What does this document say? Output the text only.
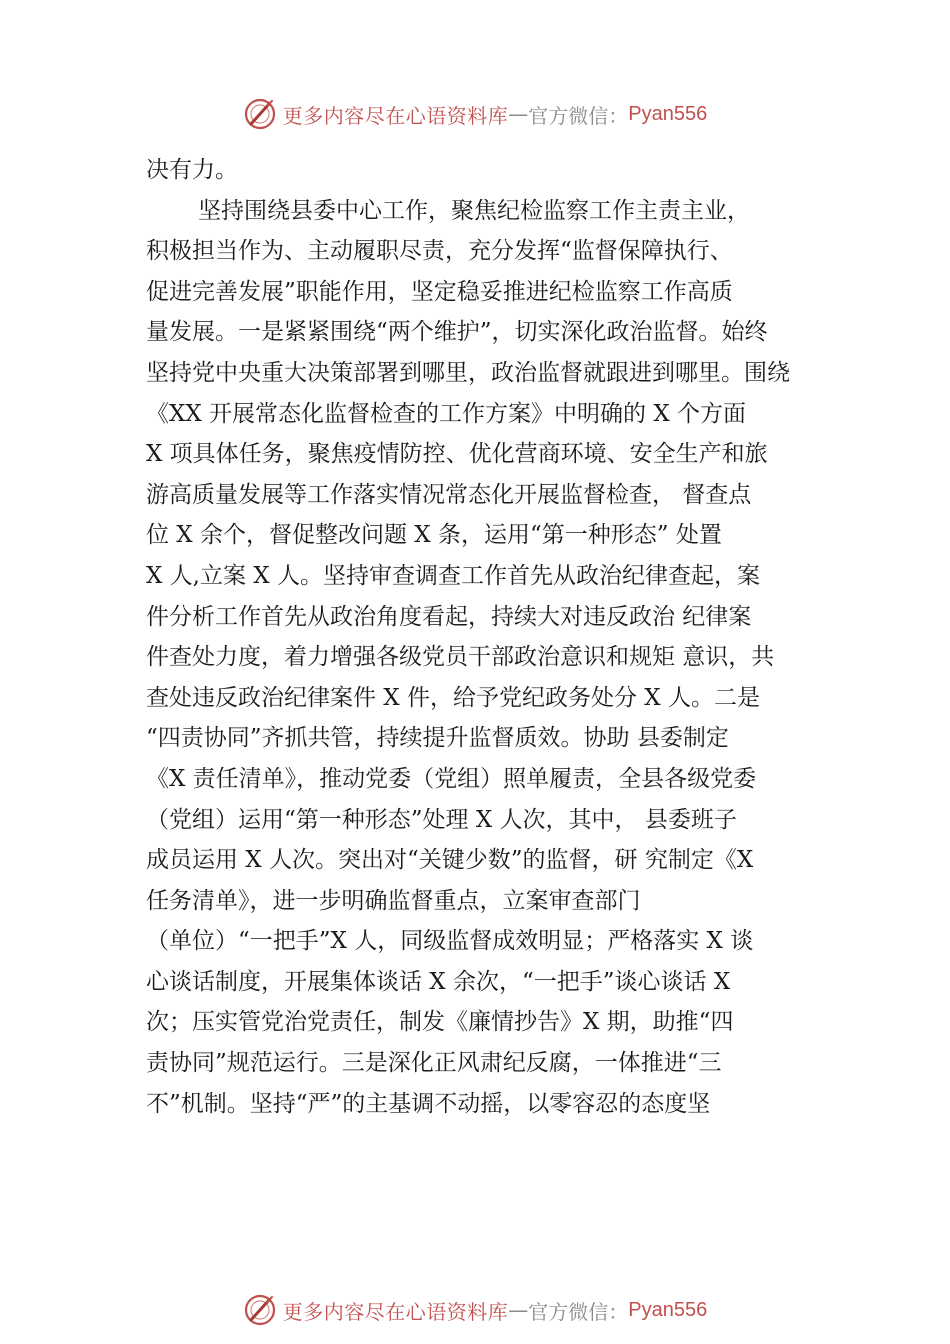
更多内容尽在心语资料库 — 官方微信： Pyan556
决有力。
坚持围绕县委中心工作，聚焦纪检监察工作主责主业，
积极担当作为、主动履职尽责，充分发挥“监督保障执行、
促进完善发展”职能作用，坚定稳妥推进纪检监察工作高质
量发展。一是紧紧围绕“两个维护”，切实深化政治监督。始终
坚持党中央重大决策部署到哪里，政治监督就跟进到哪里。围绕
《XX 开展常态化监督检查的工作方案》中明确的 X 个方面
X 项具体任务，聚焦疫情防控、优化营商环境、安全生产和旅
游高质量发展等工作落实情况常态化开展监督检查， 督查点
位 X 余个，督促整改问题 X 条，运用“第一种形态” 处置
X 人,立案 X 人。坚持审查调查工作首先从政治纪律查起，案
件分析工作首先从政治角度看起，持续大对违反政治 纪律案
件查处力度，着力增强各级党员干部政治意识和规矩 意识，共
查处违反政治纪律案件 X 件，给予党纪政务处分 X 人。二是
“四责协同”齐抓共管，持续提升监督质效。协助 县委制定
《X 责任清单》，推动党委（党组）照单履责，全县各级党委
（党组）运用“第一种形态”处理 X 人次，其中， 县委班子
成员运用 X 人次。突出对“关键少数”的监督，研 究制定《X
任务清单》，进一步明确监督重点，立案审查部门
（单位）“一把手”X 人，同级监督成效明显；严格落实 X 谈
心谈话制度，开展集体谈话 X 余次，“一把手”谈心谈话 X
次；压实管党治党责任，制发《廉情抄告》X 期，助推“四
责协同”规范运行。三是深化正风肃纪反腐，一体推进“三
不”机制。坚持“严”的主基调不动摇，以零容忍的态度坚
更多内容尽在心语资料库 — 官方微信： Pyan556
